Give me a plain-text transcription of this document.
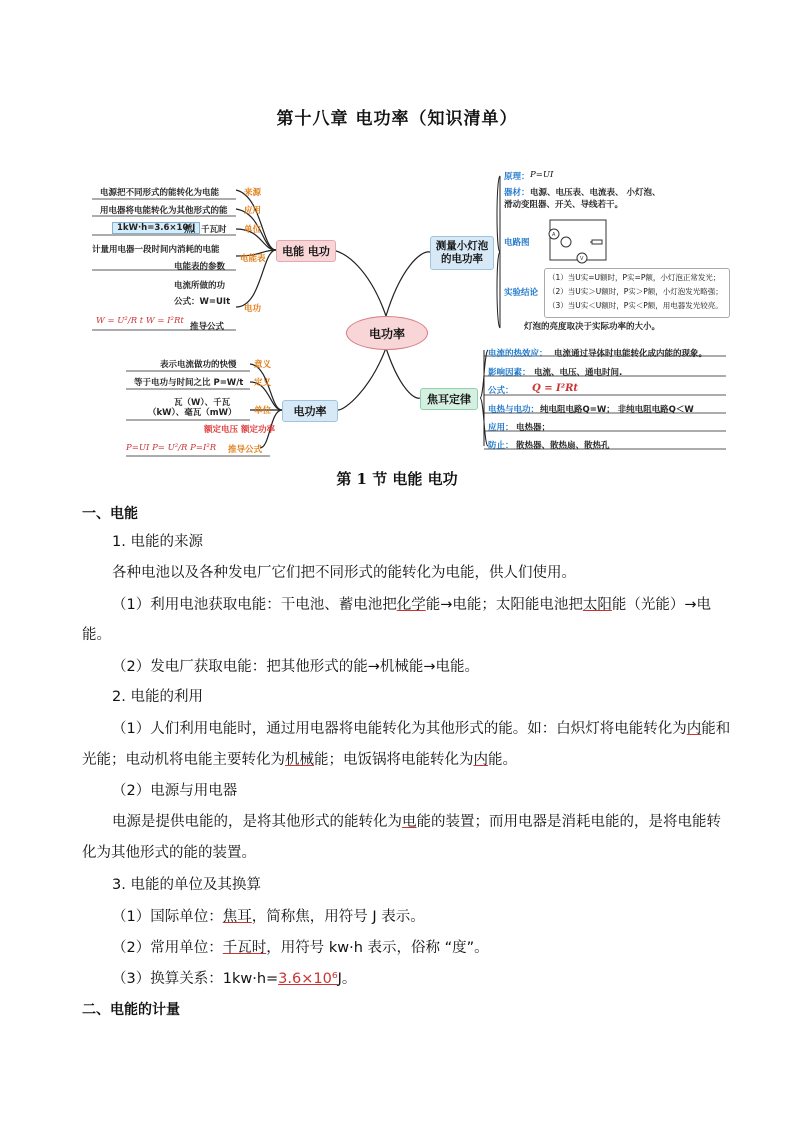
第十八章 电功率（知识清单）
电功率
电能 电功
电源把不同形式的能转化为电能	来源
用电器将电能转化为其他形式的能 应用
1kW·h=3.6×10⁶J
焦、千瓦时 单位
计量用电器一段时间内消耗的电能
电能表的参数
电能表
电流所做的功
公式：W=UIt
电功
W = U²/R t W = I²Rt
推导公式
电功率
表示电流做功的快慢 意义
等于电功与时间之比 P=W/t 定义
瓦（W）、千瓦
（kW）、毫瓦（mW） 单位
额定电压 额定功率
P=UI P= U²/R P=I²R 推导公式
测量小灯泡
的电功率
原理： P=UI
器材： 电源、电压表、电流表、 小灯泡、
滑动变阻器、开关、导线若干。
电路图
A
V
实验结论
（1）当U实=U额时，P实=P额，小灯泡正常发光；
（2）当U实＞U额时，P实＞P额，小灯泡发光略强；
（3）当U实＜U额时，P实＜P额，用电器发光较亮。
灯泡的亮度取决于实际功率的大小。
焦耳定律
电流的热效应： 电流通过导体时电能转化成内能的现象。
影响因素： 电流、电压、通电时间.
公式： Q = I²Rt
电热与电功： 纯电阻电路Q=W； 非纯电阻电路Q＜W
应用： 电热器；
防止： 散热器、散热扇、散热孔
第 1 节 电能 电功
一、电能
1. 电能的来源
各种电池以及各种发电厂它们把不同形式的能转化为电能，供人们使用。
（1）利用电池获取电能：干电池、蓄电池把化学能→电能；太阳能电池把太阳能（光能）→电
能。
（2）发电厂获取电能：把其他形式的能→机械能→电能。
2. 电能的利用
（1）人们利用电能时，通过用电器将电能转化为其他形式的能。如：白炽灯将电能转化为内能和
光能；电动机将电能主要转化为机械能；电饭锅将电能转化为内能。
（2）电源与用电器
电源是提供电能的，是将其他形式的能转化为电能的装置；而用电器是消耗电能的，是将电能转
化为其他形式的能的装置。
3. 电能的单位及其换算
（1）国际单位：焦耳，简称焦，用符号 J 表示。
（2）常用单位：千瓦时，用符号 kw·h 表示，俗称 “度”。
（3）换算关系：1kw·h=3.6×10⁶J。
二、电能的计量
